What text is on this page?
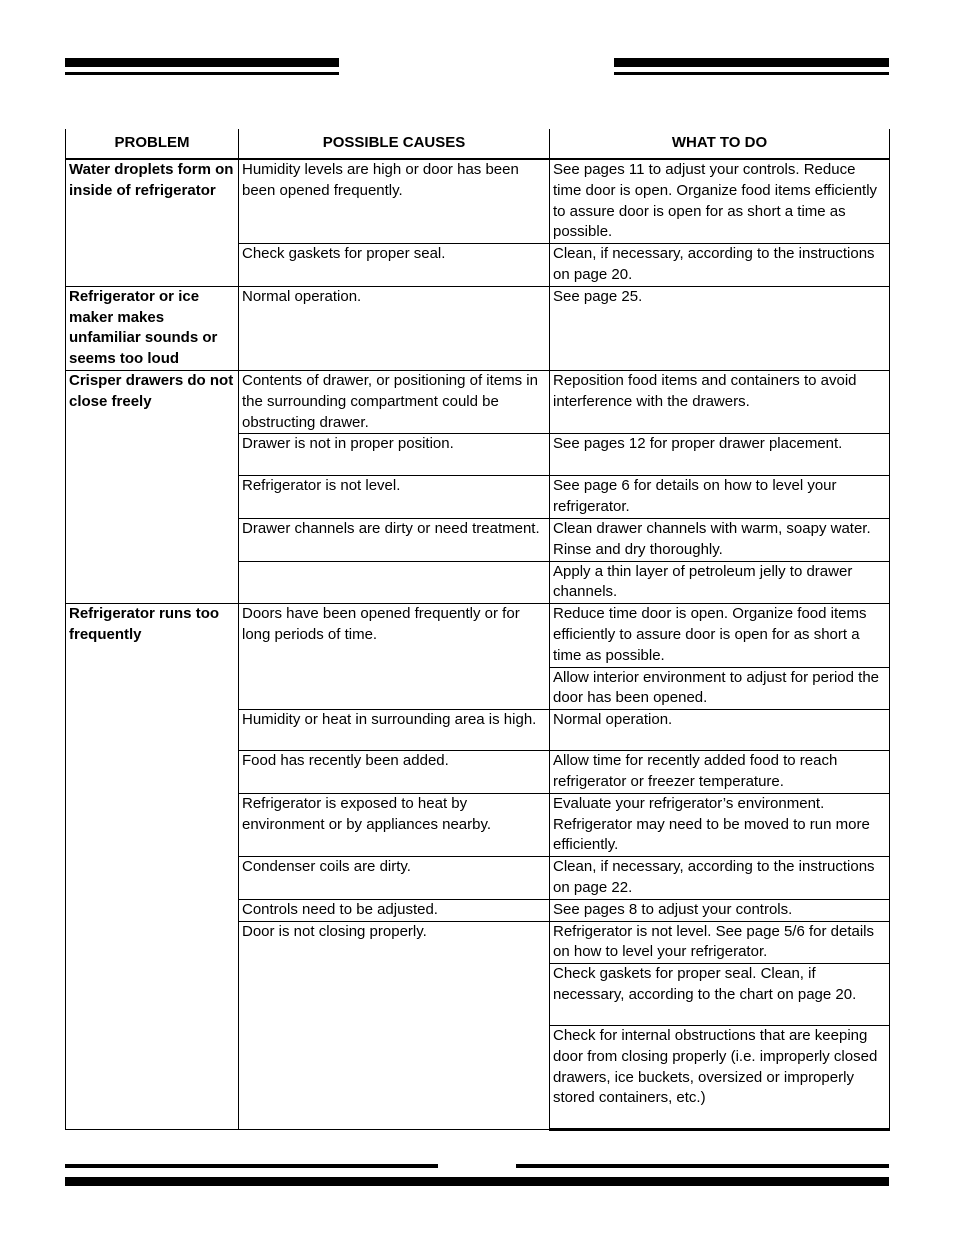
PROBLEM	POSSIBLE CAUSES	WHAT TO DO
Water droplets form on inside of refrigerator	Humidity levels are high or door has been been opened frequently.	See pages 11 to adjust your controls. Reduce time door is open. Organize food items efficiently to assure door is open for as short a time as possible.
	Check gaskets for proper seal.	Clean, if necessary, according to the instructions on page 20.
Refrigerator or ice maker makes unfamiliar sounds or seems too loud	Normal operation.	See page 25.
Crisper drawers do not close freely	Contents of drawer, or positioning of items in the surrounding compartment could be obstructing drawer.	Reposition food items and containers to avoid interference with the drawers.
	Drawer is not in proper position.	See pages 12 for proper drawer placement.
	Refrigerator is not level.	See page 6 for details on how to level your refrigerator.
	Drawer channels are dirty or need treatment.	Clean drawer channels with warm, soapy water. Rinse and dry thoroughly.
		Apply a thin layer of petroleum jelly to drawer channels.
Refrigerator runs too frequently	Doors have been opened frequently or for long periods of time.	Reduce time door is open. Organize food items efficiently to assure door is open for as short a time as possible.
		Allow interior environment to adjust for period the door has been opened.
	Humidity or heat in surrounding area is high.	Normal operation.
	Food has recently been added.	Allow time for recently added food to reach refrigerator or freezer temperature.
	Refrigerator is exposed to heat by environment or by appliances nearby.	Evaluate your refrigerator’s environment. Refrigerator may need to be moved to run more efficiently.
	Condenser coils are dirty.	Clean, if necessary, according to the instructions on page 22.
	Controls need to be adjusted.	See pages 8 to adjust your controls.
	Door is not closing properly.	Refrigerator is not level. See page 5/6 for details on how to level your refrigerator.
		Check gaskets for proper seal. Clean, if necessary, according to the chart on page 20.
		Check for internal obstructions that are keeping door from closing properly (i.e. improperly closed drawers, ice buckets, oversized or improperly stored containers, etc.)
